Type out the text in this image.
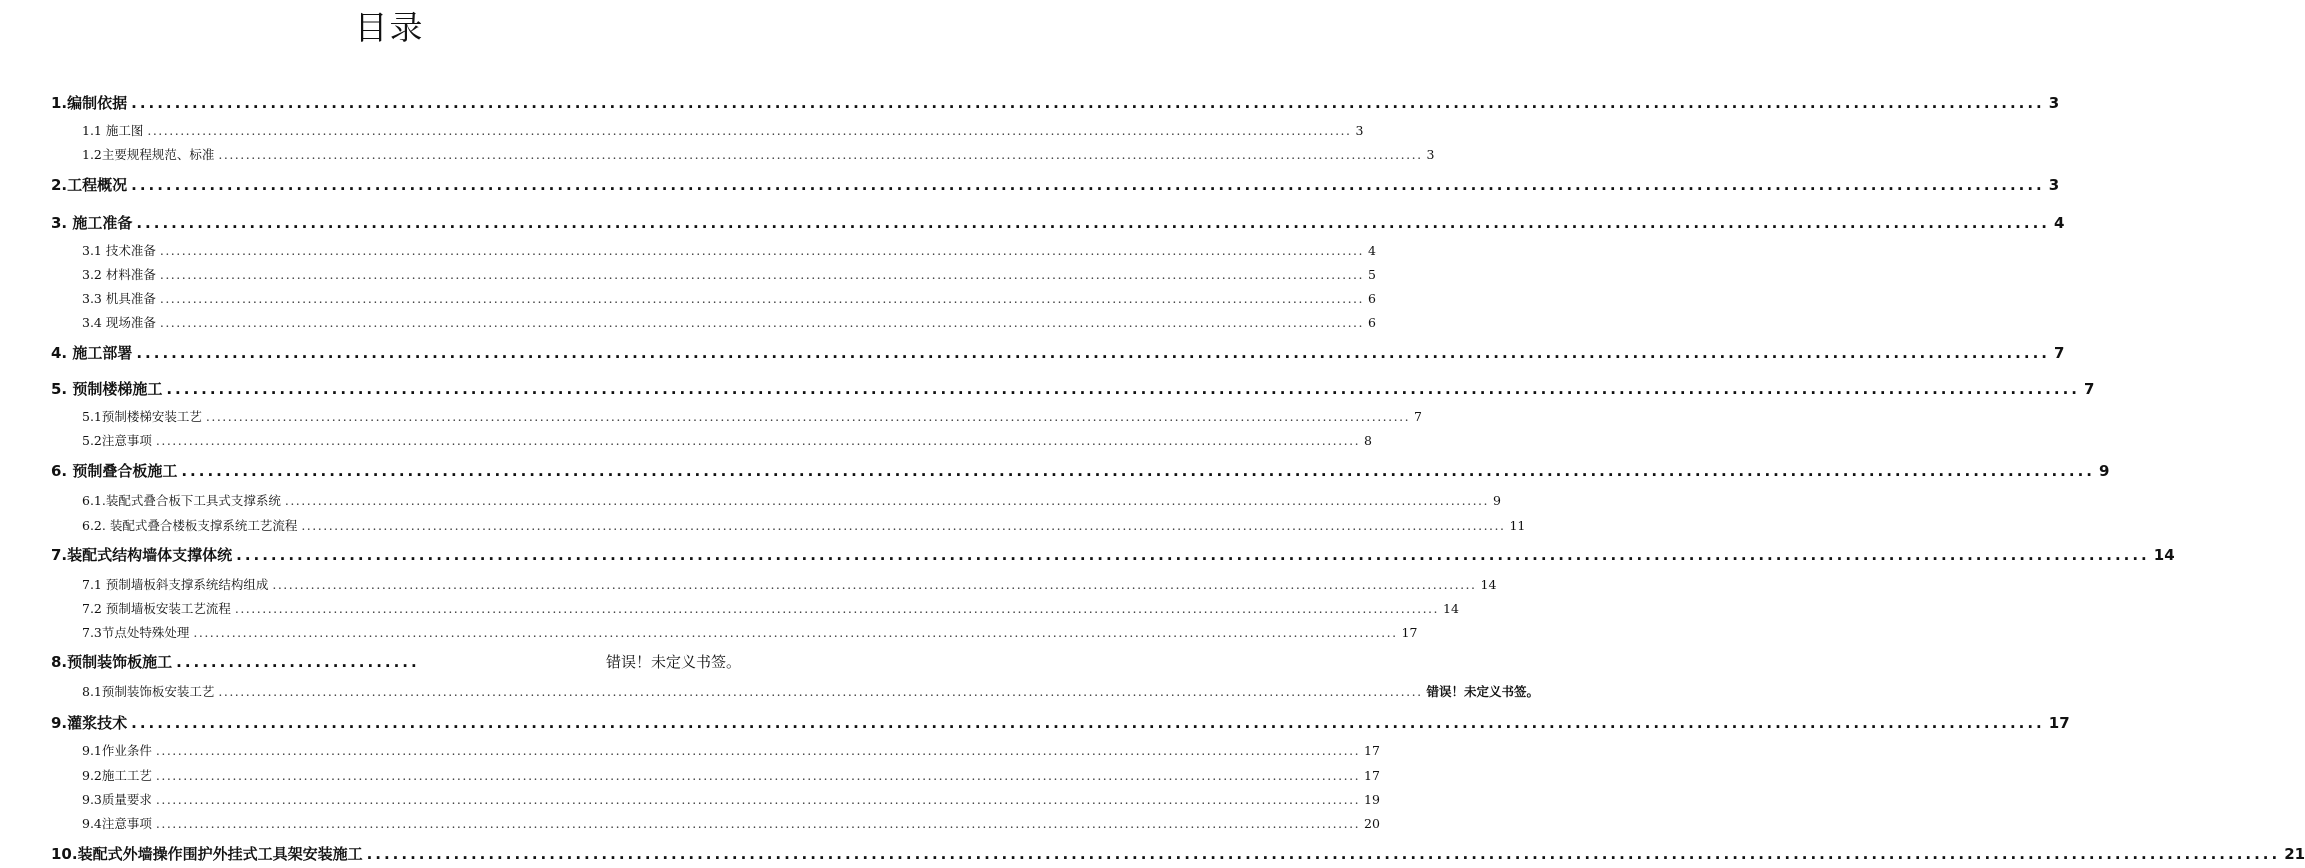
目录
1.编制依据 ............................................................................................................................................................................................................................ 3
1.1 施工图 ............................................................................................................................................................................................................................ 3
1.2主要规程规范、标准 ............................................................................................................................................................................................................................ 3
2.工程概况 ............................................................................................................................................................................................................................ 3
3. 施工准备 ............................................................................................................................................................................................................................ 4
3.1 技术准备 ............................................................................................................................................................................................................................ 4
3.2 材料准备 ............................................................................................................................................................................................................................ 5
3.3 机具准备 ............................................................................................................................................................................................................................ 6
3.4 现场准备 ............................................................................................................................................................................................................................ 6
4. 施工部署 ............................................................................................................................................................................................................................ 7
5. 预制楼梯施工 ............................................................................................................................................................................................................................ 7
5.1预制楼梯安装工艺 ............................................................................................................................................................................................................................ 7
5.2注意事项 ............................................................................................................................................................................................................................ 8
6. 预制叠合板施工 ............................................................................................................................................................................................................................ 9
6.1.装配式叠合板下工具式支撑系统 ............................................................................................................................................................................................................................ 9
6.2. 装配式叠合楼板支撑系统工艺流程 ............................................................................................................................................................................................................................ 11
7.装配式结构墙体支撑体统 ............................................................................................................................................................................................................................ 14
7.1 预制墙板斜支撑系统结构组成 ............................................................................................................................................................................................................................ 14
7.2 预制墙板安装工艺流程 ............................................................................................................................................................................................................................ 14
7.3节点处特殊处理 ............................................................................................................................................................................................................................ 17
8.预制装饰板施工 ............................	错误！未定义书签。
8.1预制装饰板安装工艺 ............................................................................................................................................................................................................................ 错误！未定义书签。
9.灌浆技术 ............................................................................................................................................................................................................................ 17
9.1作业条件 ............................................................................................................................................................................................................................ 17
9.2施工工艺 ............................................................................................................................................................................................................................ 17
9.3质量要求 ............................................................................................................................................................................................................................ 19
9.4注意事项 ............................................................................................................................................................................................................................ 20
10.装配式外墙操作围护外挂式工具架安装施工 ............................................................................................................................................................................................................................ 21
